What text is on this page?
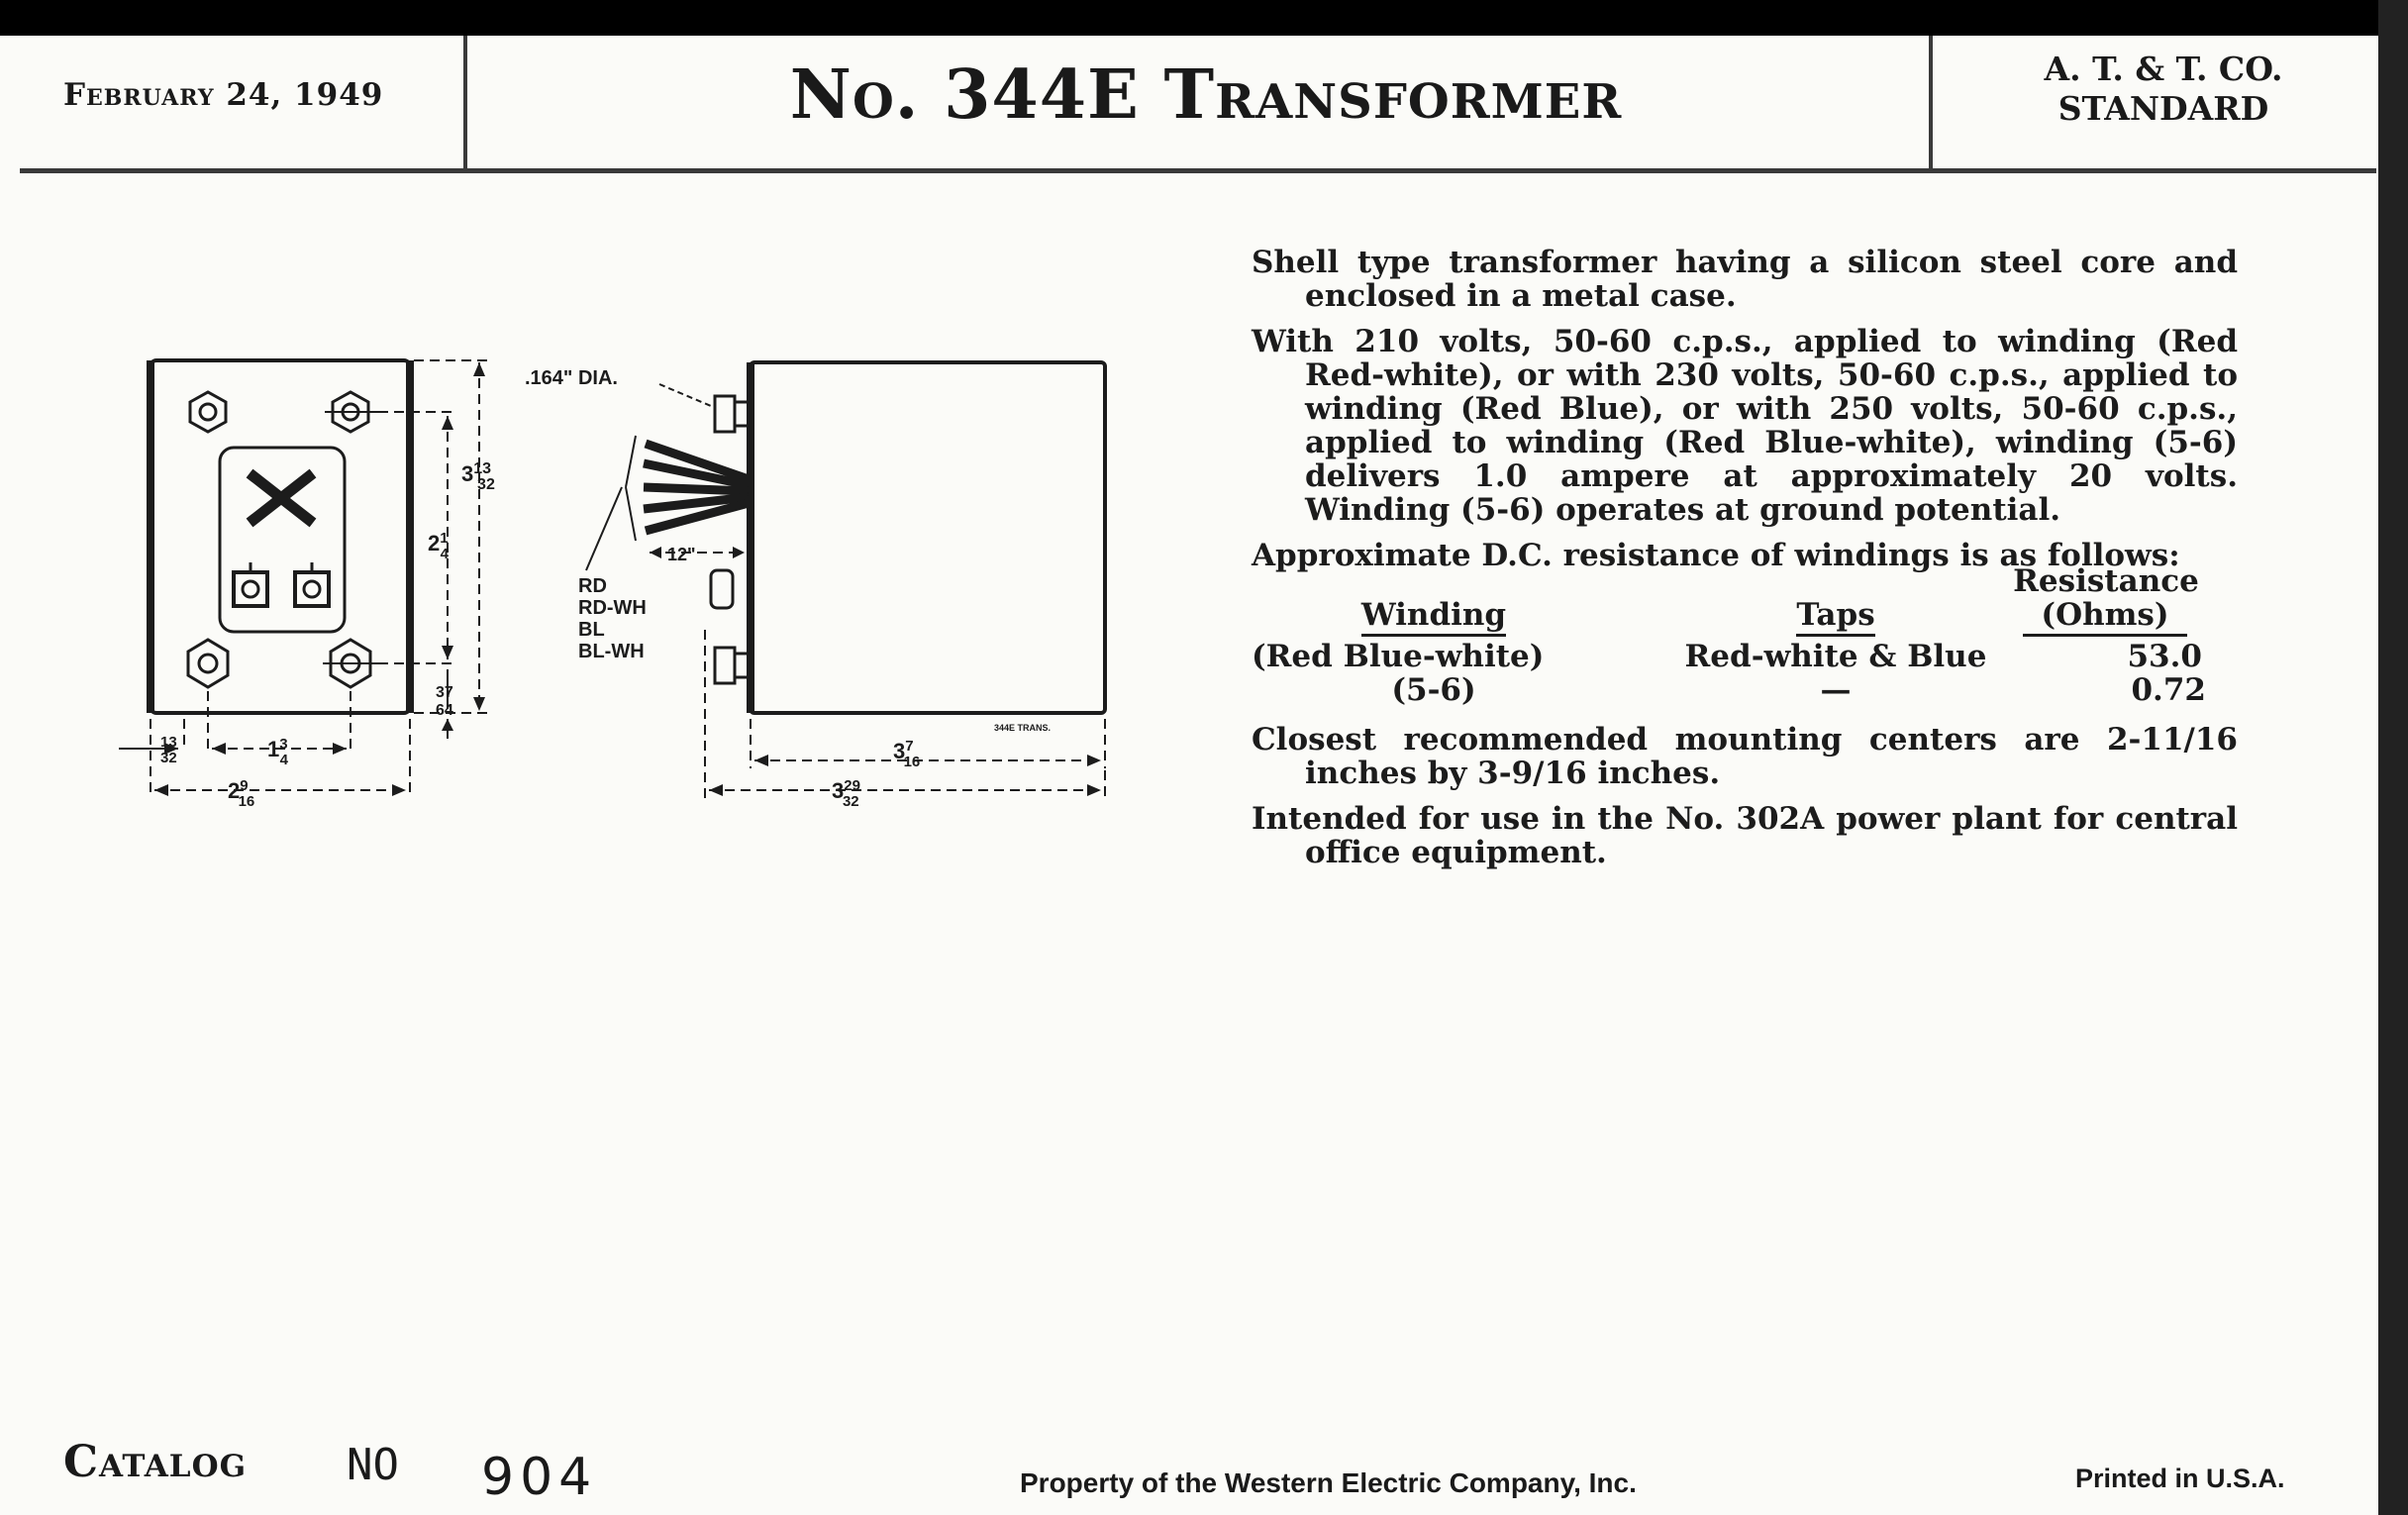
February 24, 1949	No. 344E Transformer	A. T. & T. CO.
STANDARD
$3^{13}$ 32
$2^1$ 4
37 64
13 32	$1^3$ 4
$2^9$ 16
$3^7$ 16
$3^{29}$ 32
.164" DIA.
12"
RD
RD-WH
BL
BL-WH
344E TRANS.

Shell type transformer having a silicon steel core and enclosed in a metal case.

With 210 volts, 50-60 c.p.s., applied to winding (Red Red-white), or with 230 volts, 50-60 c.p.s., applied to winding (Red Blue), or with 250 volts, 50-60 c.p.s., applied to winding (Red Blue-white), winding (5-6) delivers 1.0 ampere at approximately 20 volts. Winding (5-6) operates at ground potential.

Approximate D.C. resistance of windings is as follows:

Resistance
Winding	Taps	(Ohms)
(Red Blue-white)	Red-white & Blue	53.0
(5-6)	—	0.72

Closest recommended mounting centers are 2-11/16 inches by 3-9/16 inches.

Intended for use in the No. 302A power plant for central office equipment.

Catalog NO 904	Property of the Western Electric Company, Inc.	Printed in U.S.A.
